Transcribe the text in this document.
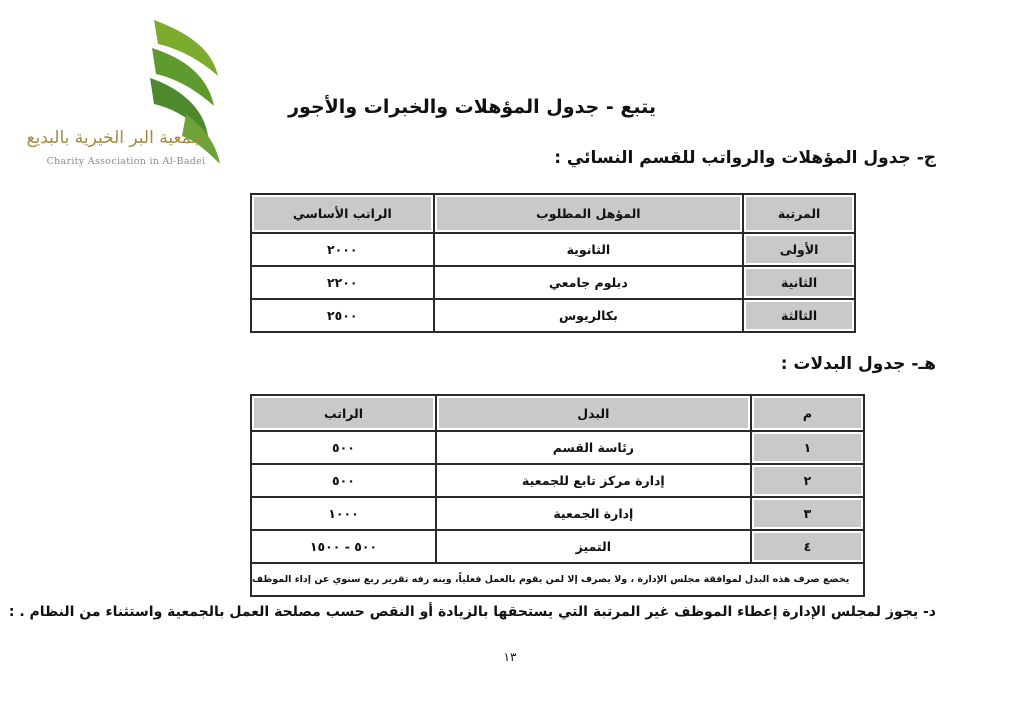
جمعية البر الخيرية بالبديع
Charity Association in Al-Badei
يتبع - جدول المؤهلات والخبرات والأجور
ج- جدول المؤهلات والرواتب للقسم النسائي :
المرتبة	المؤهل المطلوب	الراتب الأساسي
الأولى	الثانوية	٢٠٠٠
الثانية	دبلوم جامعي	٢٢٠٠
الثالثة	بكالريوس	٢٥٠٠
هـ- جدول البدلات :
م	البدل	الراتب
١	رئاسة القسم	٥٠٠
٢	إدارة مركز تابع للجمعية	٥٠٠
٣	إدارة الجمعية	١٠٠٠
٤	التميز	٥٠٠ - ١٥٠٠
يخضع صرف هذه البدل لموافقة مجلس الإدارة ، ولا يصرف إلا لمن يقوم بالعمل فعلياً، وينه رفه تقرير ربع سنوي عن إداء الموظف		
د- يجوز لمجلس الإدارة إعطاء الموظف غير المرتبة التي يستحقها بالزيادة أو النقص حسب مصلحة العمل بالجمعية واستثناء من النظام . :
١٣
